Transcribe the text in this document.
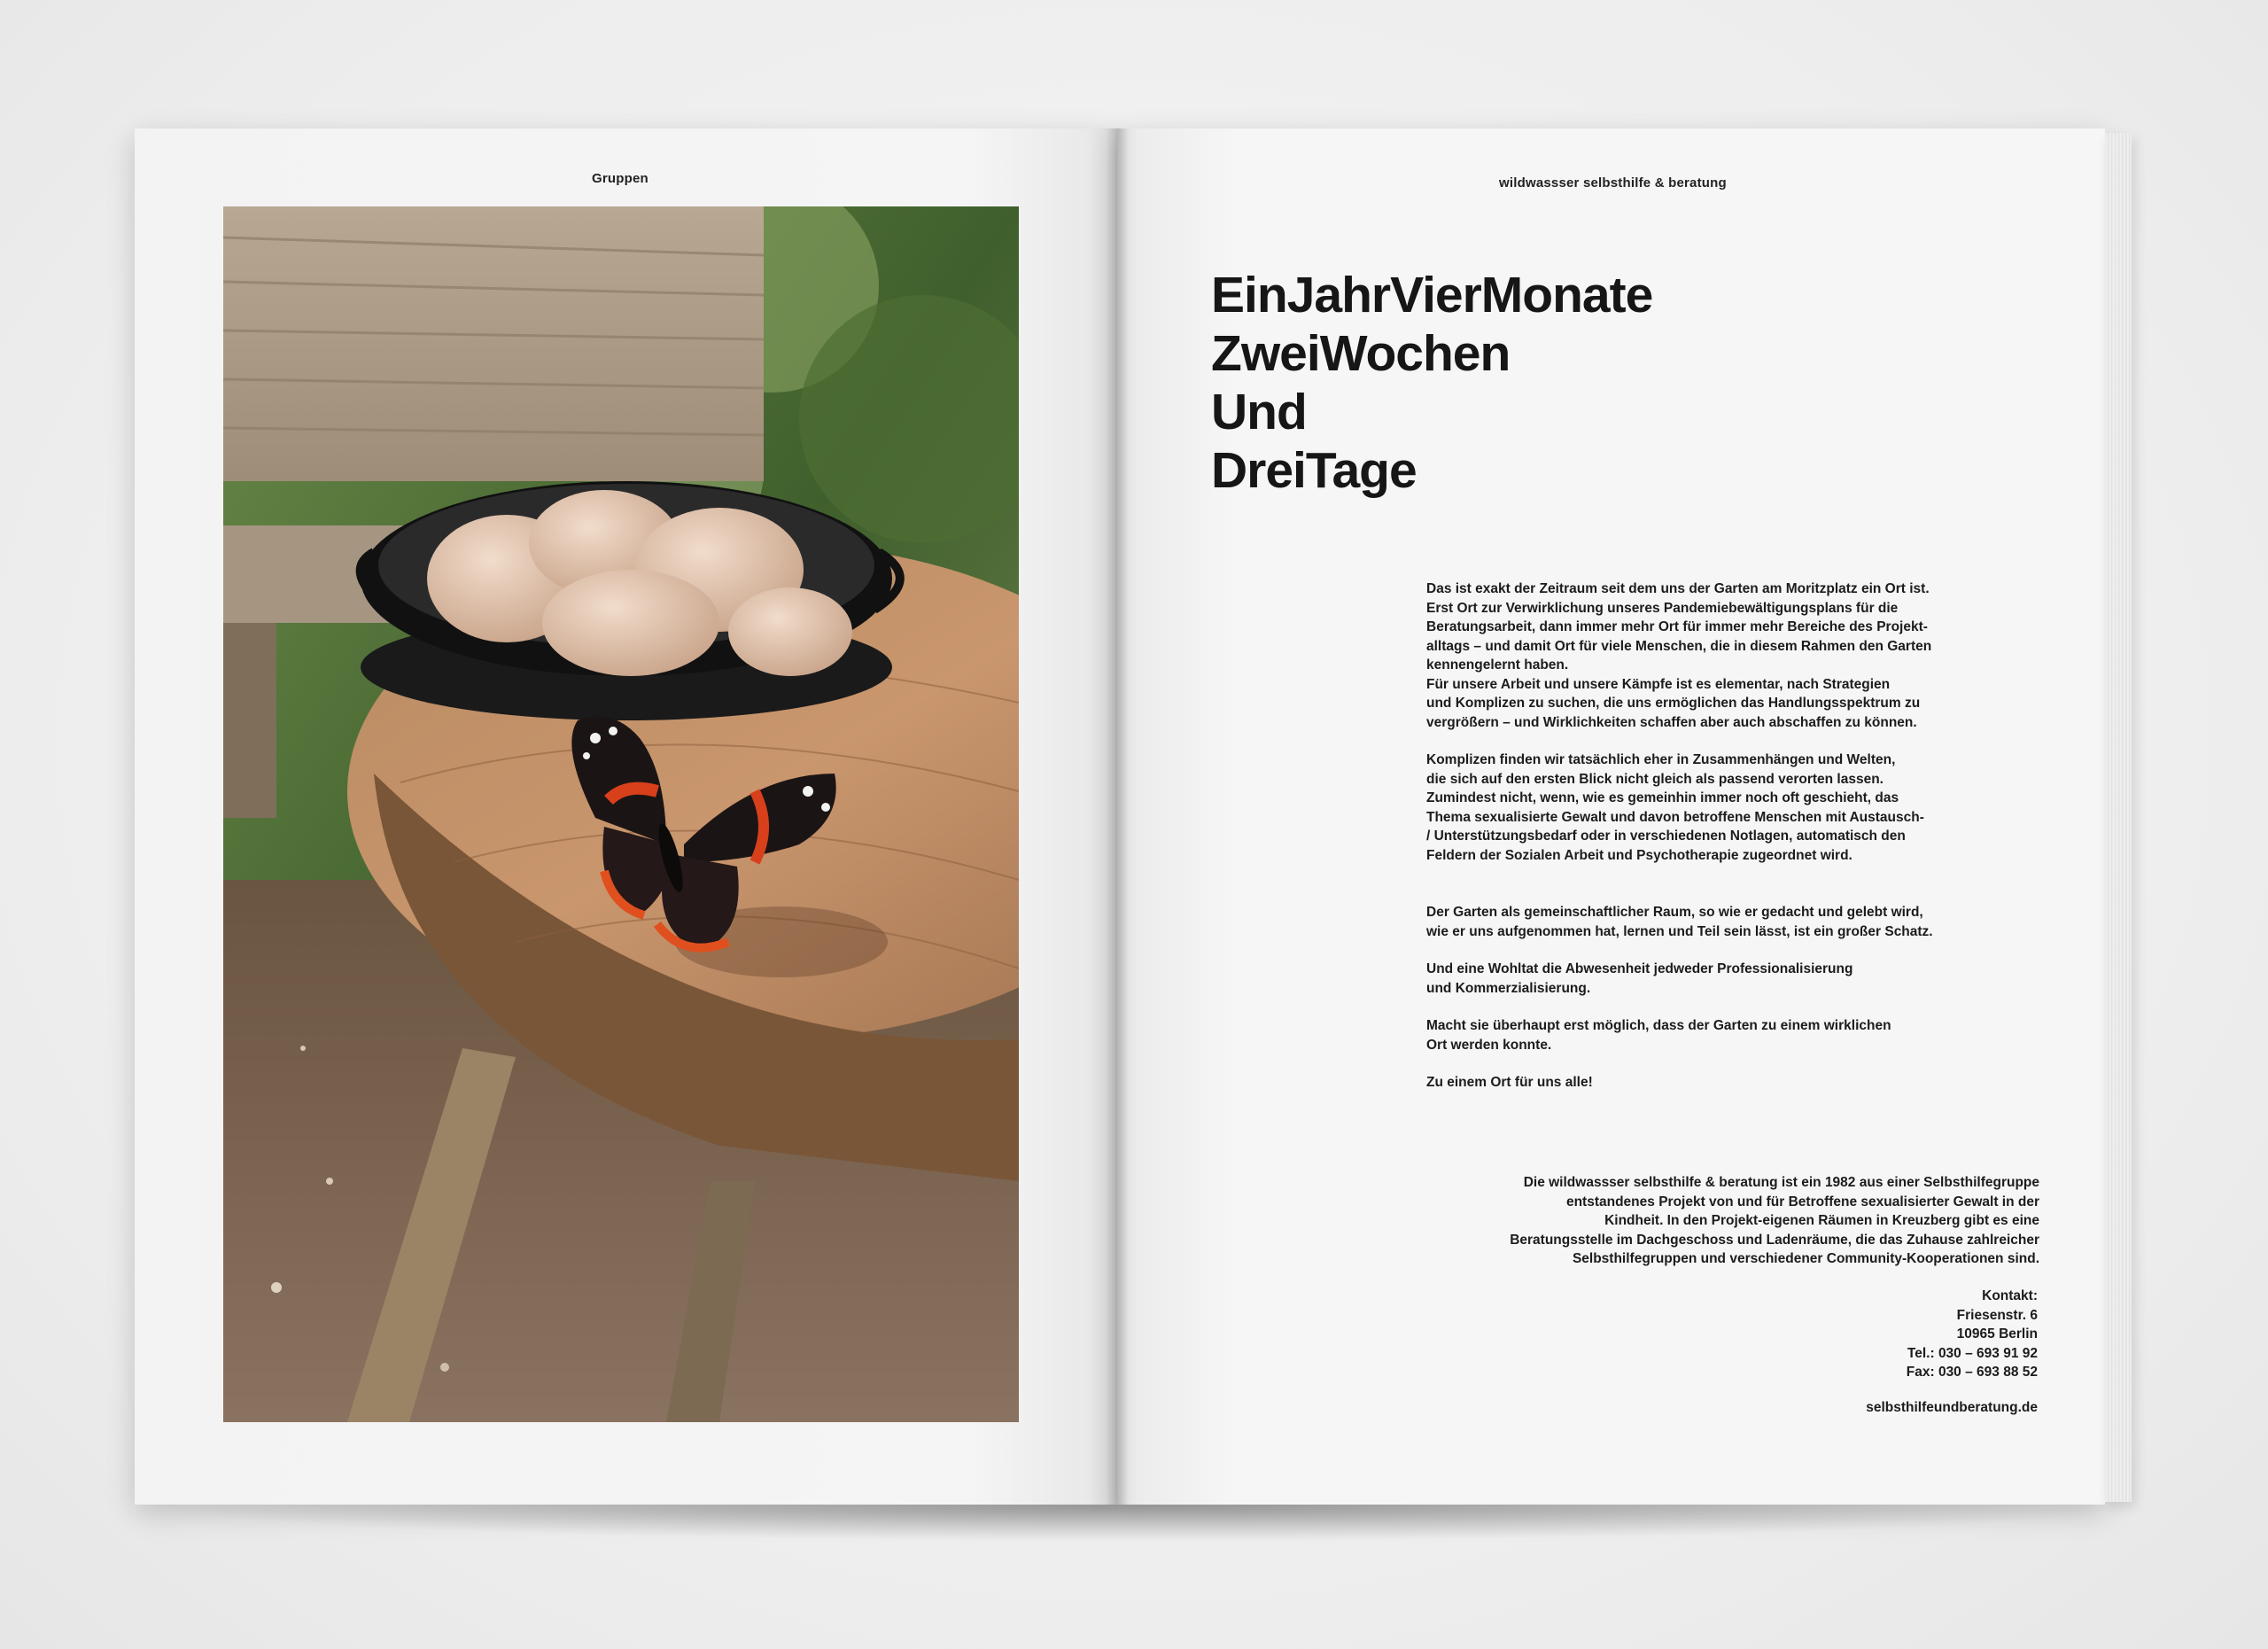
Gruppen	wildwassser selbsthilfe & beratung
EinJahrVierMonate
ZweiWochen
Und
DreiTage

Das ist exakt der Zeitraum seit dem uns der Garten am Moritzplatz ein Ort ist.

Erst Ort zur Verwirklichung unseres Pandemiebewältigungsplans für die

Beratungsarbeit, dann immer mehr Ort für immer mehr Bereiche des Projekt-

alltags – und damit Ort für viele Menschen, die in diesem Rahmen den Garten

kennengelernt haben.

Für unsere Arbeit und unsere Kämpfe ist es elementar, nach Strategien

und Komplizen zu suchen, die uns ermöglichen das Handlungsspektrum zu

vergrößern – und Wirklichkeiten schaffen aber auch abschaffen zu können.

Komplizen finden wir tatsächlich eher in Zusammenhängen und Welten,

die sich auf den ersten Blick nicht gleich als passend verorten lassen.

Zumindest nicht, wenn, wie es gemeinhin immer noch oft geschieht, das

Thema sexualisierte Gewalt und davon betroffene Menschen mit Austausch-

/ Unterstützungsbedarf oder in verschiedenen Notlagen, automatisch den

Feldern der Sozialen Arbeit und Psychotherapie zugeordnet wird.

Der Garten als gemeinschaftlicher Raum, so wie er gedacht und gelebt wird,

wie er uns aufgenommen hat, lernen und Teil sein lässt, ist ein großer Schatz.

Und eine Wohltat die Abwesenheit jedweder Professionalisierung

und Kommerzialisierung.

Macht sie überhaupt erst möglich, dass der Garten zu einem wirklichen

Ort werden konnte.

Zu einem Ort für uns alle!

Die wildwassser selbsthilfe & beratung ist ein 1982 aus einer Selbsthilfegruppe
entstandenes Projekt von und für Betroffene sexualisierter Gewalt in der
Kindheit. In den Projekt-eigenen Räumen in Kreuzberg gibt es eine
Beratungsstelle im Dachgeschoss und Ladenräume, die das Zuhause zahlreicher
Selbsthilfegruppen und verschiedener Community-Kooperationen sind.
Kontakt:
Friesenstr. 6
10965 Berlin
Tel.: 030 – 693 91 92
Fax: 030 – 693 88 52
selbsthilfeundberatung.de
